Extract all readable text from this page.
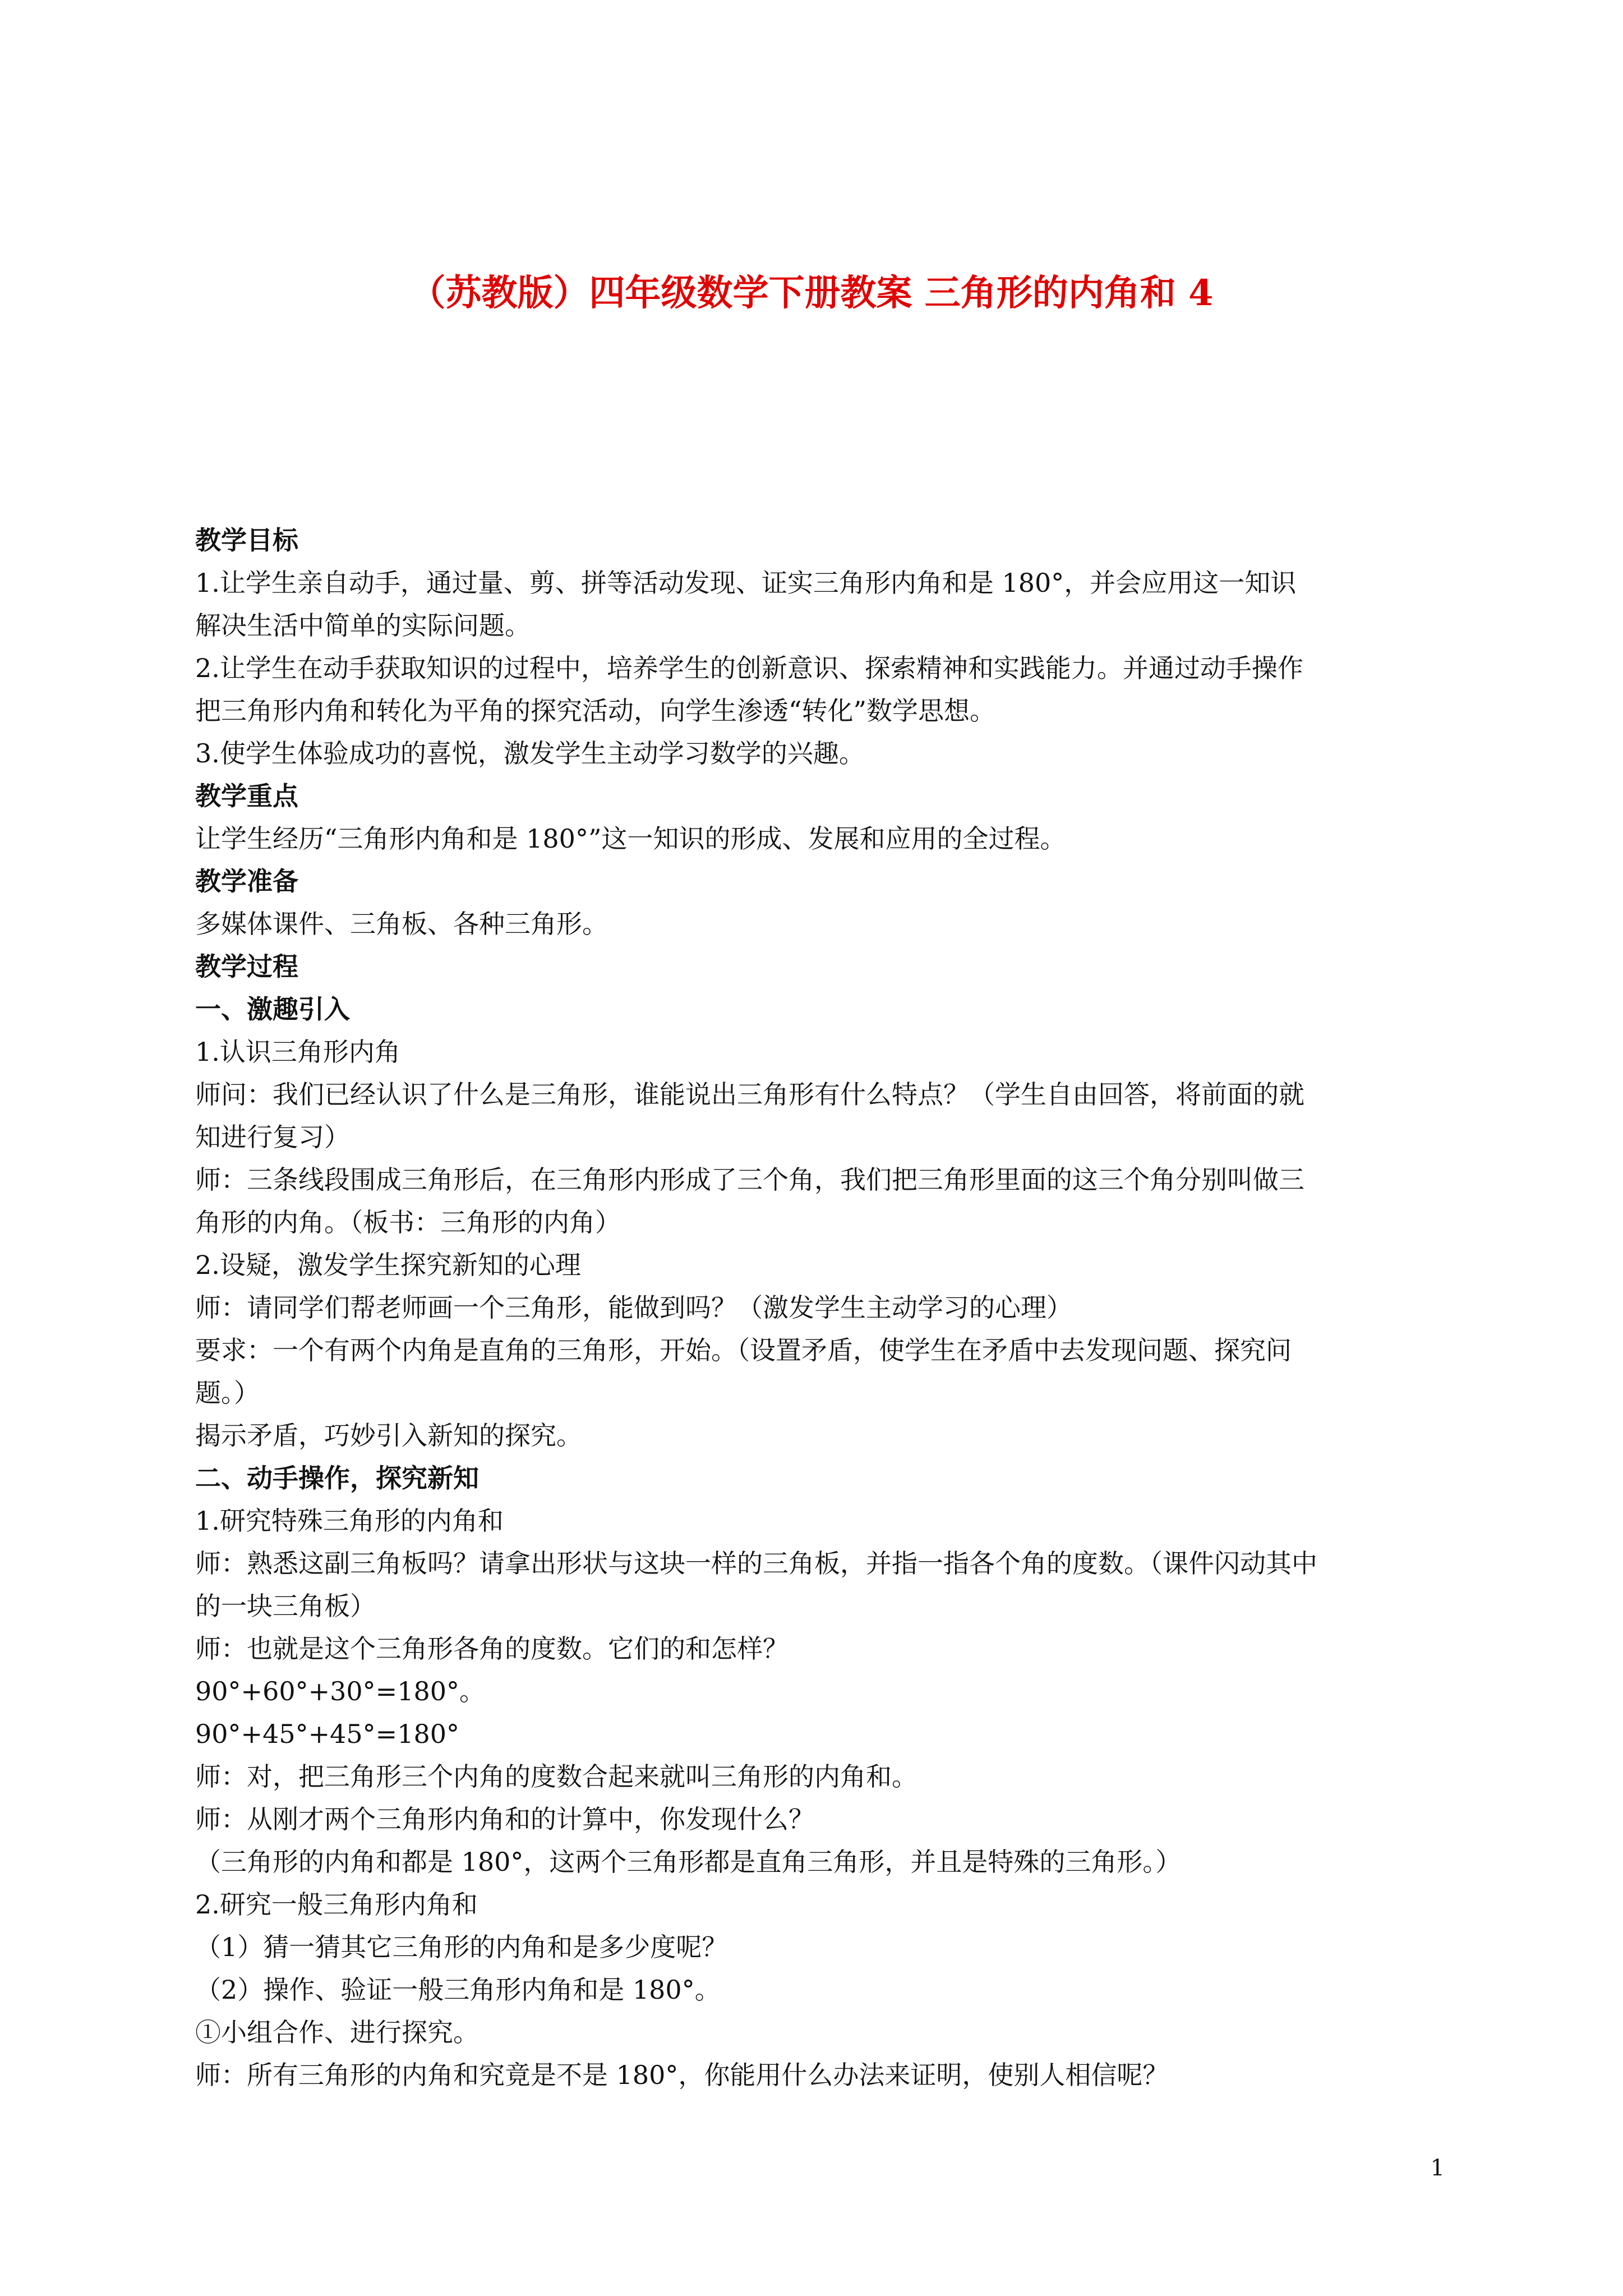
（苏教版）四年级数学下册教案 三角形的内角和 4

教学目标

1.让学生亲自动手，通过量、剪、拼等活动发现、证实三角形内角和是 180°，并会应用这一知识

解决生活中简单的实际问题。

2.让学生在动手获取知识的过程中，培养学生的创新意识、探索精神和实践能力。并通过动手操作

把三角形内角和转化为平角的探究活动，向学生渗透“转化”数学思想。

3.使学生体验成功的喜悦，激发学生主动学习数学的兴趣。

教学重点

让学生经历“三角形内角和是 180°”这一知识的形成、发展和应用的全过程。

教学准备

多媒体课件、三角板、各种三角形。

教学过程

一、激趣引入

1.认识三角形内角

师问：我们已经认识了什么是三角形，谁能说出三角形有什么特点？（学生自由回答，将前面的就

知进行复习）

师：三条线段围成三角形后，在三角形内形成了三个角，我们把三角形里面的这三个角分别叫做三

角形的内角。（板书：三角形的内角）

2.设疑，激发学生探究新知的心理

师：请同学们帮老师画一个三角形，能做到吗？（激发学生主动学习的心理）

要求：一个有两个内角是直角的三角形，开始。（设置矛盾，使学生在矛盾中去发现问题、探究问

题。）

揭示矛盾，巧妙引入新知的探究。

二、动手操作，探究新知

1.研究特殊三角形的内角和

师：熟悉这副三角板吗？请拿出形状与这块一样的三角板，并指一指各个角的度数。（课件闪动其中

的一块三角板）

师：也就是这个三角形各角的度数。它们的和怎样？

90°+60°+30°=180°。

90°+45°+45°=180°

师：对，把三角形三个内角的度数合起来就叫三角形的内角和。

师：从刚才两个三角形内角和的计算中，你发现什么？

（三角形的内角和都是 180°，这两个三角形都是直角三角形，并且是特殊的三角形。）

2.研究一般三角形内角和

（1）猜一猜其它三角形的内角和是多少度呢？

（2）操作、验证一般三角形内角和是 180°。

①小组合作、进行探究。

师：所有三角形的内角和究竟是不是 180°，你能用什么办法来证明，使别人相信呢？

1
